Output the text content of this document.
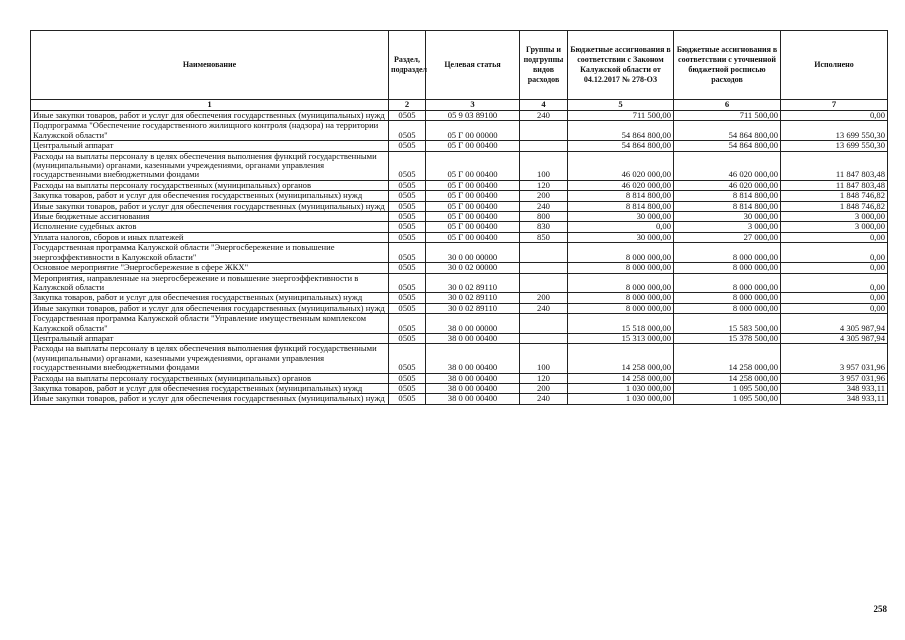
Наименование	Раздел, подраздел	Целевая статья	Группы и подгруппы видов расходов	Бюджетные ассигнования в соответствии с Законом Калужской области от 04.12.2017 № 278-ОЗ	Бюджетные ассигнования в соответствии с уточненной бюджетной росписью расходов	Исполнено
1	2	3	4	5	6	7
Иные закупки товаров, работ и услуг для обеспечения государственных (муниципальных) нужд	0505	05 9 03 89100	240	711 500,00	711 500,00	0,00
Подпрограмма "Обеспечение государственного жилищного контроля (надзора) на территории Калужской области"	0505	05 Г 00 00000		54 864 800,00	54 864 800,00	13 699 550,30
Центральный аппарат	0505	05 Г 00 00400		54 864 800,00	54 864 800,00	13 699 550,30
Расходы на выплаты персоналу в целях обеспечения выполнения функций государственными (муниципальными) органами, казенными учреждениями, органами управления государственными внебюджетными фондами	0505	05 Г 00 00400	100	46 020 000,00	46 020 000,00	11 847 803,48
Расходы на выплаты персоналу государственных (муниципальных) органов	0505	05 Г 00 00400	120	46 020 000,00	46 020 000,00	11 847 803,48
Закупка товаров, работ и услуг для обеспечения государственных (муниципальных) нужд	0505	05 Г 00 00400	200	8 814 800,00	8 814 800,00	1 848 746,82
Иные закупки товаров, работ и услуг для обеспечения государственных (муниципальных) нужд	0505	05 Г 00 00400	240	8 814 800,00	8 814 800,00	1 848 746,82
Иные бюджетные ассигнования	0505	05 Г 00 00400	800	30 000,00	30 000,00	3 000,00
Исполнение судебных актов	0505	05 Г 00 00400	830	0,00	3 000,00	3 000,00
Уплата налогов, сборов и иных платежей	0505	05 Г 00 00400	850	30 000,00	27 000,00	0,00
Государственная программа Калужской области "Энергосбережение и повышение энергоэффективности в Калужской области"	0505	30 0 00 00000		8 000 000,00	8 000 000,00	0,00
Основное мероприятие "Энергосбережение в сфере ЖКХ"	0505	30 0 02 00000		8 000 000,00	8 000 000,00	0,00
Мероприятия, направленные на энергосбережение и повышение энергоэффективности в Калужской области	0505	30 0 02 89110		8 000 000,00	8 000 000,00	0,00
Закупка товаров, работ и услуг для обеспечения государственных (муниципальных) нужд	0505	30 0 02 89110	200	8 000 000,00	8 000 000,00	0,00
Иные закупки товаров, работ и услуг для обеспечения государственных (муниципальных) нужд	0505	30 0 02 89110	240	8 000 000,00	8 000 000,00	0,00
Государственная программа Калужской области "Управление имущественным комплексом Калужской области"	0505	38 0 00 00000		15 518 000,00	15 583 500,00	4 305 987,94
Центральный аппарат	0505	38 0 00 00400		15 313 000,00	15 378 500,00	4 305 987,94
Расходы на выплаты персоналу в целях обеспечения выполнения функций государственными (муниципальными) органами, казенными учреждениями, органами управления государственными внебюджетными фондами	0505	38 0 00 00400	100	14 258 000,00	14 258 000,00	3 957 031,96
Расходы на выплаты персоналу государственных (муниципальных) органов	0505	38 0 00 00400	120	14 258 000,00	14 258 000,00	3 957 031,96
Закупка товаров, работ и услуг для обеспечения государственных (муниципальных) нужд	0505	38 0 00 00400	200	1 030 000,00	1 095 500,00	348 933,11
Иные закупки товаров, работ и услуг для обеспечения государственных (муниципальных) нужд	0505	38 0 00 00400	240	1 030 000,00	1 095 500,00	348 933,11
258
